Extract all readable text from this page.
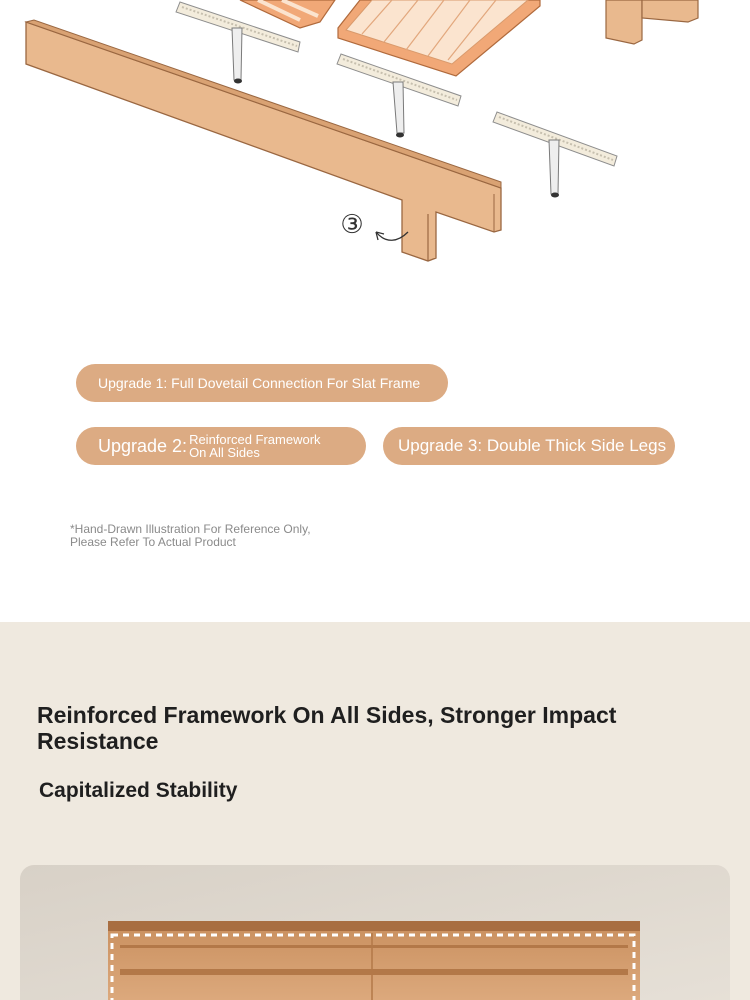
③
Upgrade 1: Full Dovetail Connection For Slat Frame
Upgrade 2: Reinforced Framework
On All Sides	Upgrade 3: Double Thick Side Legs
*Hand-Drawn Illustration For Reference Only,
Please Refer To Actual Product
Reinforced Framework On All Sides, Stronger Impact Resistance
Capitalized Stability
